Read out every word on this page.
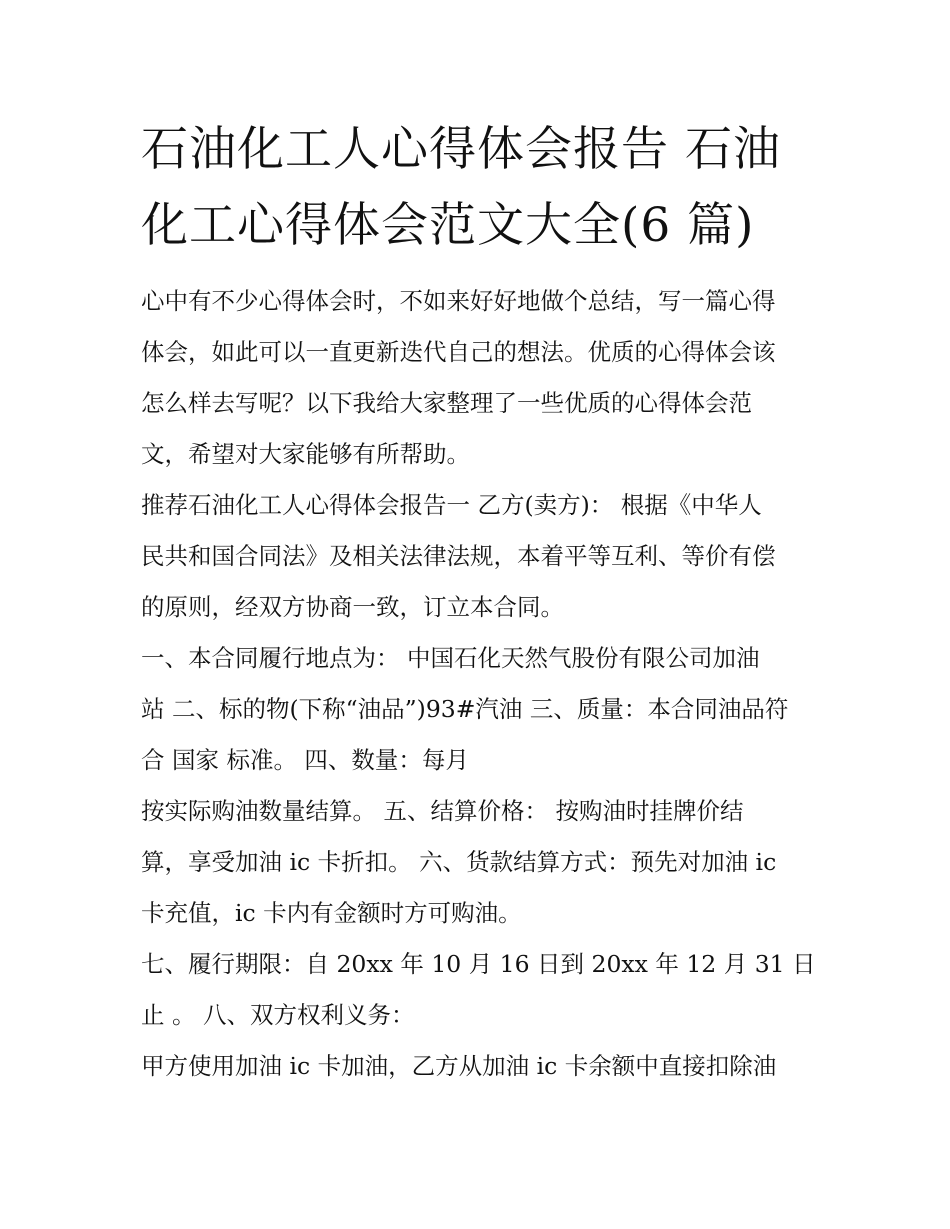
石油化工人心得体会报告 石油
化工心得体会范文大全(6 篇)

心中有不少心得体会时，不如来好好地做个总结，写一篇心得

体会，如此可以一直更新迭代自己的想法。优质的心得体会该

怎么样去写呢？以下我给大家整理了一些优质的心得体会范

文，希望对大家能够有所帮助。

推荐石油化工人心得体会报告一 乙方(卖方)： 根据《中华人

民共和国合同法》及相关法律法规，本着平等互利、等价有偿

的原则，经双方协商一致，订立本合同。

一、本合同履行地点为： 中国石化天然气股份有限公司加油

站 二、标的物(下称“油品”)93#汽油 三、质量：本合同油品符

合 国家 标准。 四、数量：每月

按实际购油数量结算。 五、结算价格： 按购油时挂牌价结

算，享受加油 ic 卡折扣。 六、货款结算方式：预先对加油 ic

卡充值，ic 卡内有金额时方可购油。

七、履行期限：自 20xx 年 10 月 16 日到 20xx 年 12 月 31 日

止 。 八、双方权利义务：

甲方使用加油 ic 卡加油，乙方从加油 ic 卡余额中直接扣除油
